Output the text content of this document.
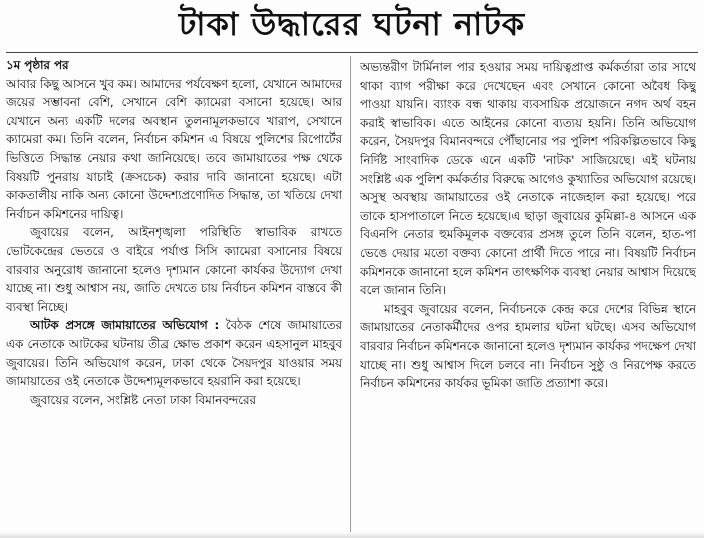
টাকা উদ্ধারের ঘটনা নাটক

১ম পৃষ্ঠার পর

আবার কিছু আসনে খুব কম। আমাদের পর্যবেক্ষণ হলো, যেখানে আমাদের জয়ের সম্ভাবনা বেশি, সেখানে বেশি ক্যামেরা বসানো হয়েছে। আর যেখানে অন্য একটি দলের অবস্থান তুলনামূলকভাবে খারাপ, সেখানে ক্যামেরা কম। তিনি বলেন, নির্বাচন কমিশন এ বিষয়ে পুলিশের রিপোর্টের ভিত্তিতে সিদ্ধান্ত নেয়ার কথা জানিয়েছে। তবে জামায়াতের পক্ষ থেকে বিষয়টি পুনরায় যাচাই (ক্রসচেক) করার দাবি জানানো হয়েছে। এটা কাকতালীয় নাকি অন্য কোনো উদ্দেশ্যপ্রণোদিত সিদ্ধান্ত, তা খতিয়ে দেখা নির্বাচন কমিশনের দায়িত্ব।

জুবায়ের বলেন, আইনশৃঙ্খলা পরিস্থিতি স্বাভাবিক রাখতে ভোটকেন্দ্রের ভেতরে ও বাইরে পর্যাপ্ত সিসি ক্যামেরা বসানোর বিষয়ে বারবার অনুরোধ জানানো হলেও দৃশ্যমান কোনো কার্যকর উদ্যোগ দেখা যাচ্ছে না। শুধু আশ্বাস নয়, জাতি দেখতে চায় নির্বাচন কমিশন বাস্তবে কী ব্যবস্থা নিচ্ছে।

আটক প্রসঙ্গে জামায়াতের অভিযোগ : বৈঠক শেষে জামায়াতের এক নেতাকে আটকের ঘটনায় তীব্র ক্ষোভ প্রকাশ করেন এহসানুল মাহবুব জুবায়ের। তিনি অভিযোগ করেন, ঢাকা থেকে সৈয়দপুর যাওয়ার সময় জামায়াতের ওই নেতাকে উদ্দেশ্যমূলকভাবে হয়রানি করা হয়েছে।

জুবায়ের বলেন, সংশ্লিষ্ট নেতা ঢাকা বিমানবন্দরের

অভ্যন্তরীণ টার্মিনাল পার হওয়ার সময় দায়িত্বপ্রাপ্ত কর্মকর্তারা তার সাথে থাকা ব্যাগ পরীক্ষা করে দেখেছেন এবং সেখানে কোনো অবৈধ কিছু পাওয়া যায়নি। ব্যাংক বন্ধ থাকায় ব্যবসায়িক প্রয়োজনে নগদ অর্থ বহন করাই স্বাভাবিক। এতে আইনের কোনো ব্যত্যয় হয়নি। তিনি অভিযোগ করেন, সৈয়দপুর বিমানবন্দরে পৌঁছানোর পর পুলিশ পরিকল্পিতভাবে কিছু নির্দিষ্ট সাংবাদিক ডেকে এনে একটি 'নাটক' সাজিয়েছে। এই ঘটনায় সংশ্লিষ্ট এক পুলিশ কর্মকর্তার বিরুদ্ধে আগেও কুখ্যাতির অভিযোগ রয়েছে। অসুস্থ অবস্থায় জামায়াতের ওই নেতাকে নাজেহাল করা হয়েছে। পরে তাকে হাসপাতালে নিতে হয়েছে।এ ছাড়া জুবায়ের কুমিল্লা-৪ আসনে এক বিএনপি নেতার হুমকিমূলক বক্তব্যের প্রসঙ্গ তুলে তিনি বলেন, হাত-পা ভেঙে দেয়ার মতো বক্তব্য কোনো প্রার্থী দিতে পারে না। বিষয়টি নির্বাচন কমিশনকে জানানো হলে কমিশন তাৎক্ষণিক ব্যবস্থা নেয়ার আশ্বাস দিয়েছে বলে জানান তিনি।

মাহবুব জুবায়ের বলেন, নির্বাচনকে কেন্দ্র করে দেশের বিভিন্ন স্থানে জামায়াতের নেতাকর্মীদের ওপর হামলার ঘটনা ঘটছে। এসব অভিযোগ বারবার নির্বাচন কমিশনকে জানানো হলেও দৃশ্যমান কার্যকর পদক্ষেপ দেখা যাচ্ছে না। শুধু আশ্বাস দিলে চলবে না। নির্বাচন সুষ্ঠু ও নিরপেক্ষ করতে নির্বাচন কমিশনের কার্যকর ভূমিকা জাতি প্রত্যাশা করে।
